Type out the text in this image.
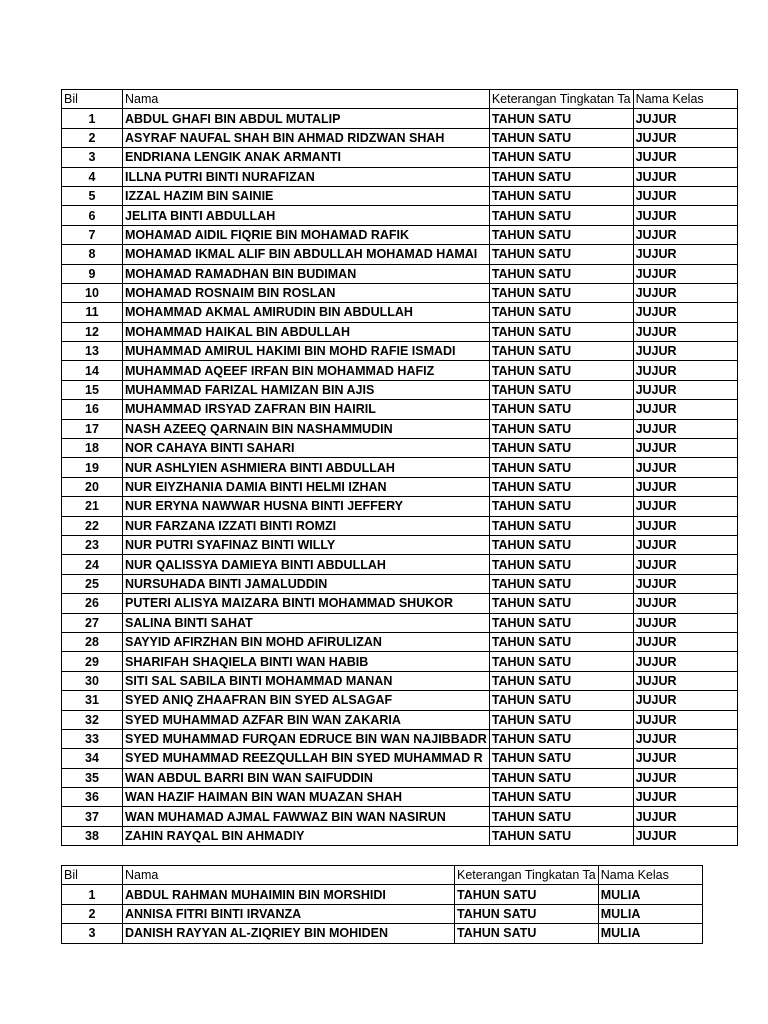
Bil	Nama	Keterangan Tingkatan Ta	Nama Kelas
1	ABDUL GHAFI BIN ABDUL MUTALIP	TAHUN SATU	JUJUR
2	ASYRAF NAUFAL SHAH BIN AHMAD RIDZWAN SHAH	TAHUN SATU	JUJUR
3	ENDRIANA LENGIK ANAK ARMANTI	TAHUN SATU	JUJUR
4	ILLNA PUTRI BINTI NURAFIZAN	TAHUN SATU	JUJUR
5	IZZAL HAZIM BIN SAINIE	TAHUN SATU	JUJUR
6	JELITA BINTI ABDULLAH	TAHUN SATU	JUJUR
7	MOHAMAD AIDIL FIQRIE BIN MOHAMAD RAFIK	TAHUN SATU	JUJUR
8	MOHAMAD IKMAL ALIF BIN ABDULLAH MOHAMAD HAMAI	TAHUN SATU	JUJUR
9	MOHAMAD RAMADHAN BIN BUDIMAN	TAHUN SATU	JUJUR
10	MOHAMAD ROSNAIM BIN ROSLAN	TAHUN SATU	JUJUR
11	MOHAMMAD AKMAL AMIRUDIN BIN ABDULLAH	TAHUN SATU	JUJUR
12	MOHAMMAD HAIKAL BIN ABDULLAH	TAHUN SATU	JUJUR
13	MUHAMMAD AMIRUL HAKIMI BIN MOHD RAFIE ISMADI	TAHUN SATU	JUJUR
14	MUHAMMAD AQEEF IRFAN BIN MOHAMMAD HAFIZ	TAHUN SATU	JUJUR
15	MUHAMMAD FARIZAL HAMIZAN BIN AJIS	TAHUN SATU	JUJUR
16	MUHAMMAD IRSYAD ZAFRAN BIN HAIRIL	TAHUN SATU	JUJUR
17	NASH AZEEQ QARNAIN BIN NASHAMMUDIN	TAHUN SATU	JUJUR
18	NOR CAHAYA BINTI SAHARI	TAHUN SATU	JUJUR
19	NUR ASHLYIEN ASHMIERA BINTI ABDULLAH	TAHUN SATU	JUJUR
20	NUR EIYZHANIA DAMIA BINTI HELMI IZHAN	TAHUN SATU	JUJUR
21	NUR ERYNA NAWWAR HUSNA BINTI JEFFERY	TAHUN SATU	JUJUR
22	NUR FARZANA IZZATI BINTI ROMZI	TAHUN SATU	JUJUR
23	NUR PUTRI SYAFINAZ BINTI WILLY	TAHUN SATU	JUJUR
24	NUR QALISSYA DAMIEYA BINTI ABDULLAH	TAHUN SATU	JUJUR
25	NURSUHADA BINTI JAMALUDDIN	TAHUN SATU	JUJUR
26	PUTERI ALISYA MAIZARA BINTI MOHAMMAD SHUKOR	TAHUN SATU	JUJUR
27	SALINA BINTI SAHAT	TAHUN SATU	JUJUR
28	SAYYID AFIRZHAN BIN MOHD AFIRULIZAN	TAHUN SATU	JUJUR
29	SHARIFAH SHAQIELA BINTI WAN HABIB	TAHUN SATU	JUJUR
30	SITI SAL SABILA BINTI MOHAMMAD MANAN	TAHUN SATU	JUJUR
31	SYED ANIQ ZHAAFRAN BIN SYED ALSAGAF	TAHUN SATU	JUJUR
32	SYED MUHAMMAD AZFAR BIN WAN ZAKARIA	TAHUN SATU	JUJUR
33	SYED MUHAMMAD FURQAN EDRUCE BIN WAN NAJIBBADR	TAHUN SATU	JUJUR
34	SYED MUHAMMAD REEZQULLAH BIN SYED MUHAMMAD R	TAHUN SATU	JUJUR
35	WAN ABDUL BARRI BIN WAN SAIFUDDIN	TAHUN SATU	JUJUR
36	WAN HAZIF HAIMAN BIN WAN MUAZAN SHAH	TAHUN SATU	JUJUR
37	WAN MUHAMAD AJMAL FAWWAZ BIN WAN NASIRUN	TAHUN SATU	JUJUR
38	ZAHIN RAYQAL BIN AHMADIY	TAHUN SATU	JUJUR
Bil	Nama	Keterangan Tingkatan Ta	Nama Kelas
1	ABDUL RAHMAN MUHAIMIN BIN MORSHIDI	TAHUN SATU	MULIA
2	ANNISA FITRI BINTI IRVANZA	TAHUN SATU	MULIA
3	DANISH RAYYAN AL-ZIQRIEY BIN MOHIDEN	TAHUN SATU	MULIA
